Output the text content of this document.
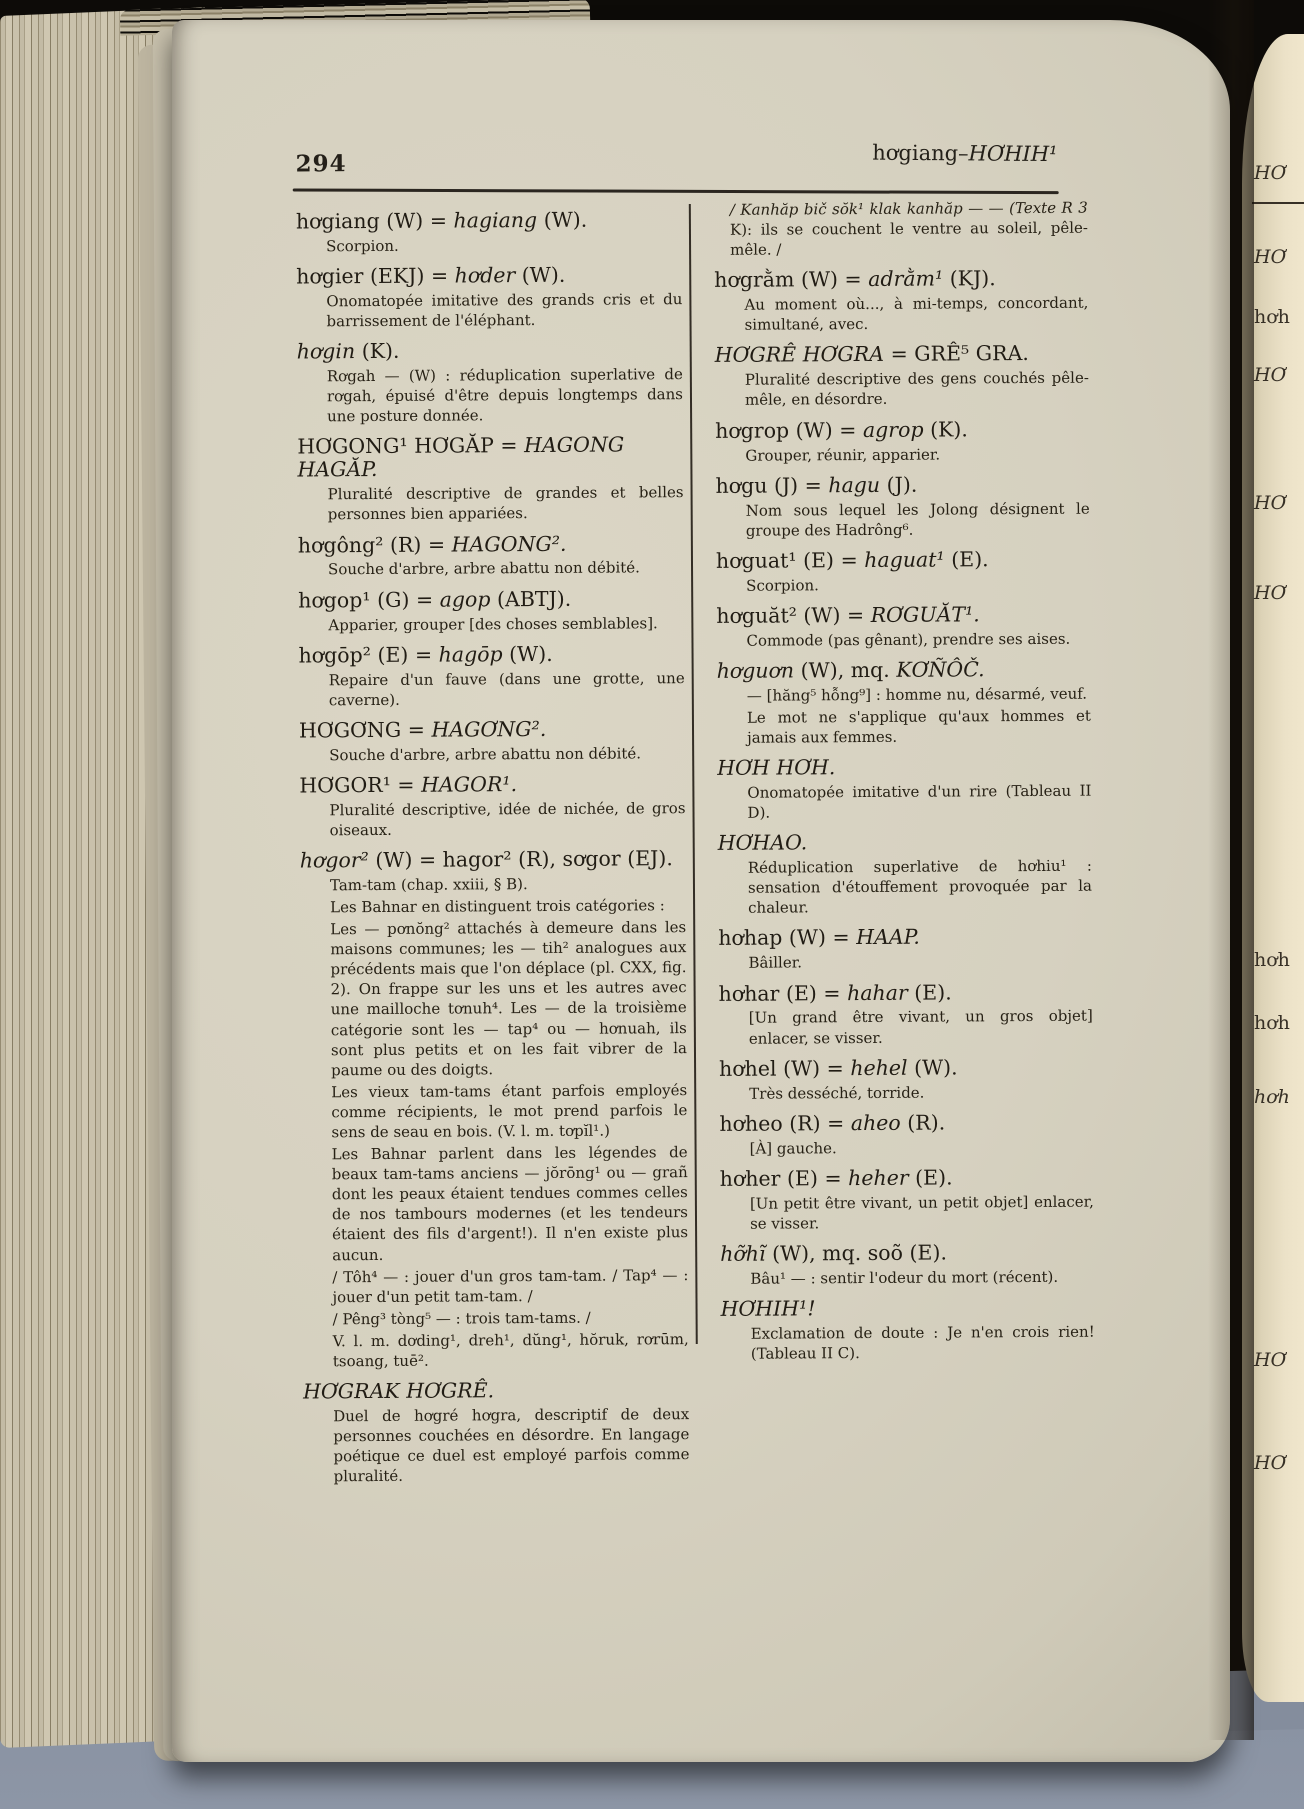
HƠ
HƠ
hơh
HƠ
HƠ
HƠ
hơh
hơh
hơh
HƠ
HƠ
294	hơgiang–HƠHIH¹
hơgiang (W) = hagiang (W).

Scorpion.

hơgier (EKJ) = hơder (W).

Onomatopée imitative des grands cris et du barrissement de l'éléphant.

hơgin (K).

Rơgah — (W) : réduplication superlative de rơgah, épuisé d'être depuis longtemps dans une posture donnée.

HƠGONG¹ HƠGĂP = HAGONG HAGĂP.

Pluralité descriptive de grandes et belles personnes bien appariées.

hơgông² (R) = HAGONG².

Souche d'arbre, arbre abattu non débité.

hơgop¹ (G) = agop (ABTJ).

Apparier, grouper [des choses semblables].

hơgōp² (E) = hagōp (W).

Repaire d'un fauve (dans une grotte, une caverne).

HƠGƠNG = HAGƠNG².

Souche d'arbre, arbre abattu non débité.

HƠGOR¹ = HAGOR¹.

Pluralité descriptive, idée de nichée, de gros oiseaux.

hơgor² (W) = hagor² (R), sơgor (EJ).

Tam-tam (chap. xxiii, § B).

Les Bahnar en distinguent trois catégories :

Les — pơnŏng² attachés à demeure dans les maisons communes; les — tih² analogues aux précédents mais que l'on déplace (pl. CXX, fig. 2). On frappe sur les uns et les autres avec une mailloche tơnuh⁴. Les — de la troisième catégorie sont les — tap⁴ ou — hơnuah, ils sont plus petits et on les fait vibrer de la paume ou des doigts.

Les vieux tam-tams étant parfois employés comme récipients, le mot prend parfois le sens de seau en bois. (V. l. m. tơpĭl¹.)

Les Bahnar parlent dans les légendes de beaux tam-tams anciens — jŏrōng¹ ou — grañ dont les peaux étaient tendues commes celles de nos tambours modernes (et les tendeurs étaient des fils d'argent!). Il n'en existe plus aucun.

/ Tôh⁴ — : jouer d'un gros tam-tam. / Tap⁴ — : jouer d'un petit tam-tam. /

/ Pêng³ tòng⁵ — : trois tam-tams. /

V. l. m. dơding¹, dreh¹, dŭng¹, hŏruk, rơrūm, tsoang, tuē².

HƠGRAK HƠGRÊ.

Duel de hơgré hơgra, descriptif de deux personnes couchées en désordre. En langage poétique ce duel est employé parfois comme pluralité.

/ Kanhăp bič sŏk¹ klak kanhăp — — (Texte R 3 K): ils se couchent le ventre au soleil, pêle-mêle. /

hơgrằm (W) = adrằm¹ (KJ).

Au moment où..., à mi-temps, concordant, simultané, avec.

HƠGRÊ HƠGRA = GRÊ⁵ GRA.

Pluralité descriptive des gens couchés pêle-mêle, en désordre.

hơgrop (W) = agrop (K).

Grouper, réunir, apparier.

hơgu (J) = hagu (J).

Nom sous lequel les Jolong désignent le groupe des Hadrông⁶.

hơguat¹ (E) = haguat¹ (E).

Scorpion.

hơguăt² (W) = RƠGUĂT¹.

Commode (pas gênant), prendre ses aises.

hơguơn (W), mq. KƠÑÔČ.

— [hăng⁵ hỗng⁹] : homme nu, désarmé, veuf.

Le mot ne s'applique qu'aux hommes et jamais aux femmes.

HƠH HƠH.

Onomatopée imitative d'un rire (Tableau II D).

HƠHAO.

Réduplication superlative de hơhiu¹ : sensation d'étouffement provoquée par la chaleur.

hơhap (W) = HAAP.

Bâiller.

hơhar (E) = hahar (E).

[Un grand être vivant, un gros objet] enlacer, se visser.

hơhel (W) = hehel (W).

Très desséché, torride.

hơheo (R) = aheo (R).

[À] gauche.

hơher (E) = heher (E).

[Un petit être vivant, un petit objet] enlacer, se visser.

hỡhĩ (W), mq. soõ (E).

Bâu¹ — : sentir l'odeur du mort (récent).

HƠHIH¹!

Exclamation de doute : Je n'en crois rien! (Tableau II C).
